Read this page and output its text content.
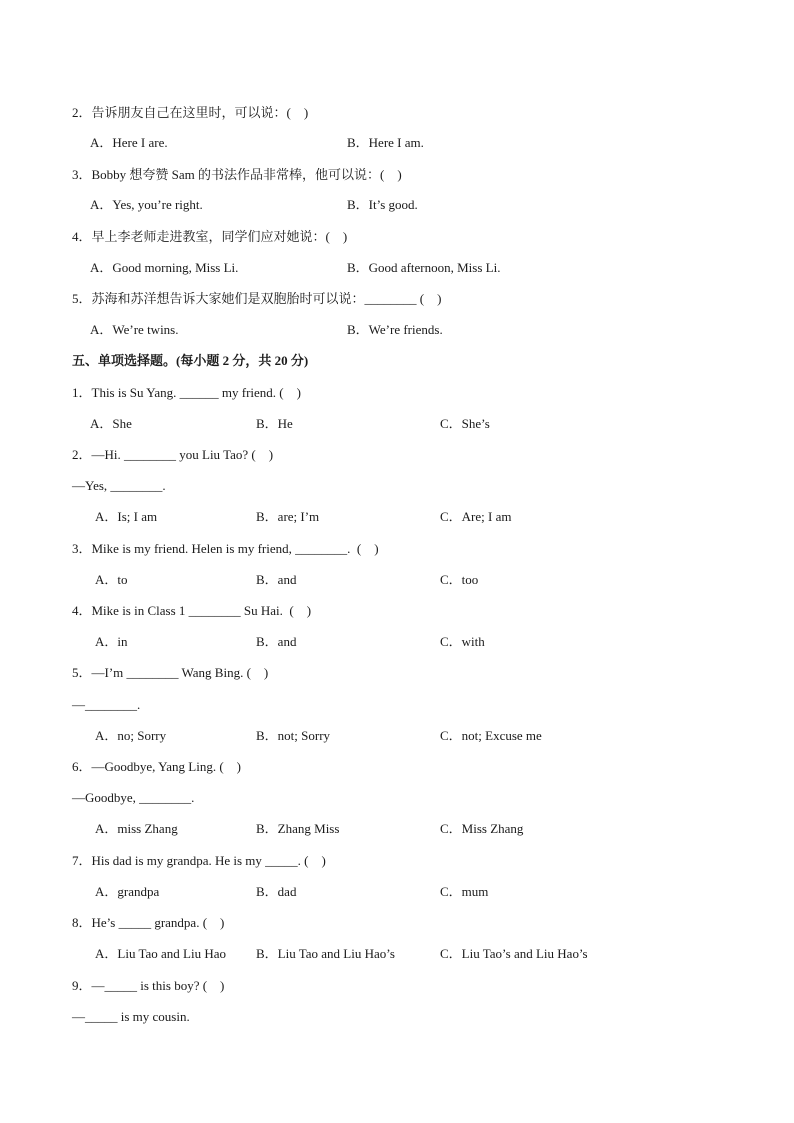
2．告诉朋友自己在这里时，可以说：(    )
A．Here I are.	B．Here I am.
3．Bobby 想夸赞 Sam 的书法作品非常棒，他可以说：(    )
A．Yes, you’re right.	B．It’s good.
4．早上李老师走进教室，同学们应对她说：(    )
A．Good morning, Miss Li.	B．Good afternoon, Miss Li.
5．苏海和苏洋想告诉大家她们是双胞胎时可以说：________ (    )
A．We’re twins.	B．We’re friends.
五、单项选择题。(每小题 2 分，共 20 分)
1．This is Su Yang. ______ my friend. (    )
A．She	B．He	C．She’s
2．—Hi. ________ you Liu Tao? (    )
—Yes, ________.
A．Is; I am	B．are; I’m	C．Are; I am
3．Mike is my friend. Helen is my friend, ________.  (    )
A．to	B．and	C．too
4．Mike is in Class 1 ________ Su Hai.  (    )
A．in	B．and	C．with
5．—I’m ________ Wang Bing. (    )
—________.
A．no; Sorry	B．not; Sorry	C．not; Excuse me
6．—Goodbye, Yang Ling. (    )
—Goodbye, ________.
A．miss Zhang	B．Zhang Miss	C．Miss Zhang
7．His dad is my grandpa. He is my _____. (    )
A．grandpa	B．dad	C．mum
8．He’s _____ grandpa. (    )
A．Liu Tao and Liu Hao B．Liu Tao and Liu Hao’s	C．Liu Tao’s and Liu Hao’s
9．—_____ is this boy? (    )
—_____ is my cousin.
